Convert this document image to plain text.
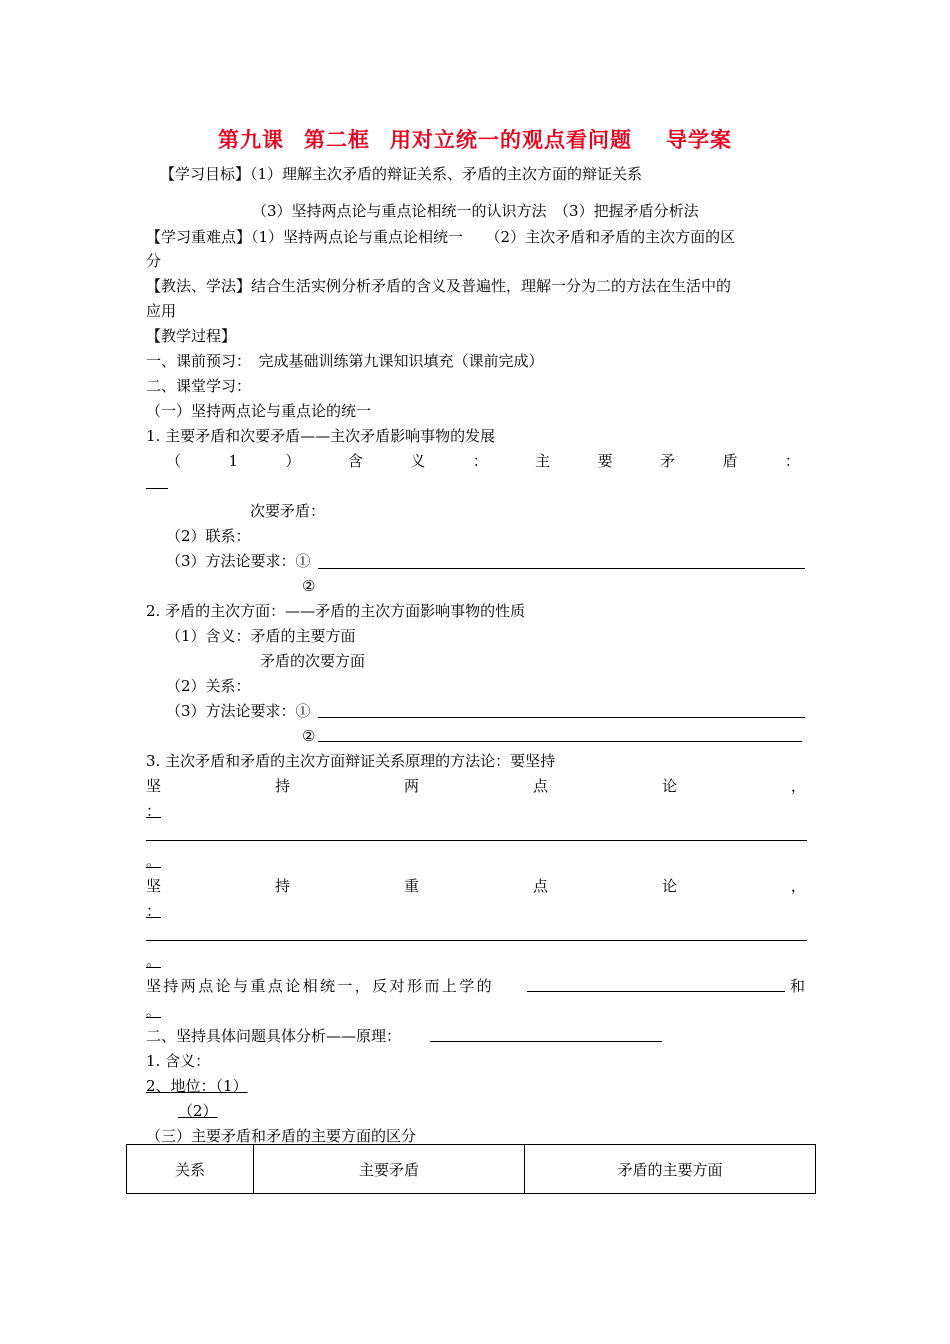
第九课 第二框 用对立统一的观点看问题 导学案
【学习目标】（1）理解主次矛盾的辩证关系、矛盾的主次方面的辩证关系
（3）坚持两点论与重点论相统一的认识方法　（3）把握矛盾分析法
【学习重难点】（1）坚持两点论与重点论相统一　　（2）主次矛盾和矛盾的主次方面的区
分
【教法、学法】结合生活实例分析矛盾的含义及普遍性，理解一分为二的方法在生活中的
应用
【教学过程】
一、课前预习：　完成基础训练第九课知识填充（课前完成）
二、课堂学习：
（一）坚持两点论与重点论的统一
1. 主要矛盾和次要矛盾——主次矛盾影响事物的发展
（	1	）	含	义	：	主	要	矛	盾	：
次要矛盾：
（2）联系：
（3）方法论要求：①
②
2. 矛盾的主次方面：——矛盾的主次方面影响事物的性质
（1）含义：矛盾的主要方面
矛盾的次要方面
（2）关系：
（3）方法论要求：①
②
3. 主次矛盾和矛盾的主次方面辩证关系原理的方法论：要坚持
坚	持	两	点	论	，
：
。
坚	持	重	点	论	，
：
。
坚持两点论与重点论相统一，反对形而上学的	和
。
二、坚持具体问题具体分析——原理：
1. 含义：
2、地位：（1）
（2）
（三）主要矛盾和矛盾的主要方面的区分
关系	主要矛盾	矛盾的主要方面
